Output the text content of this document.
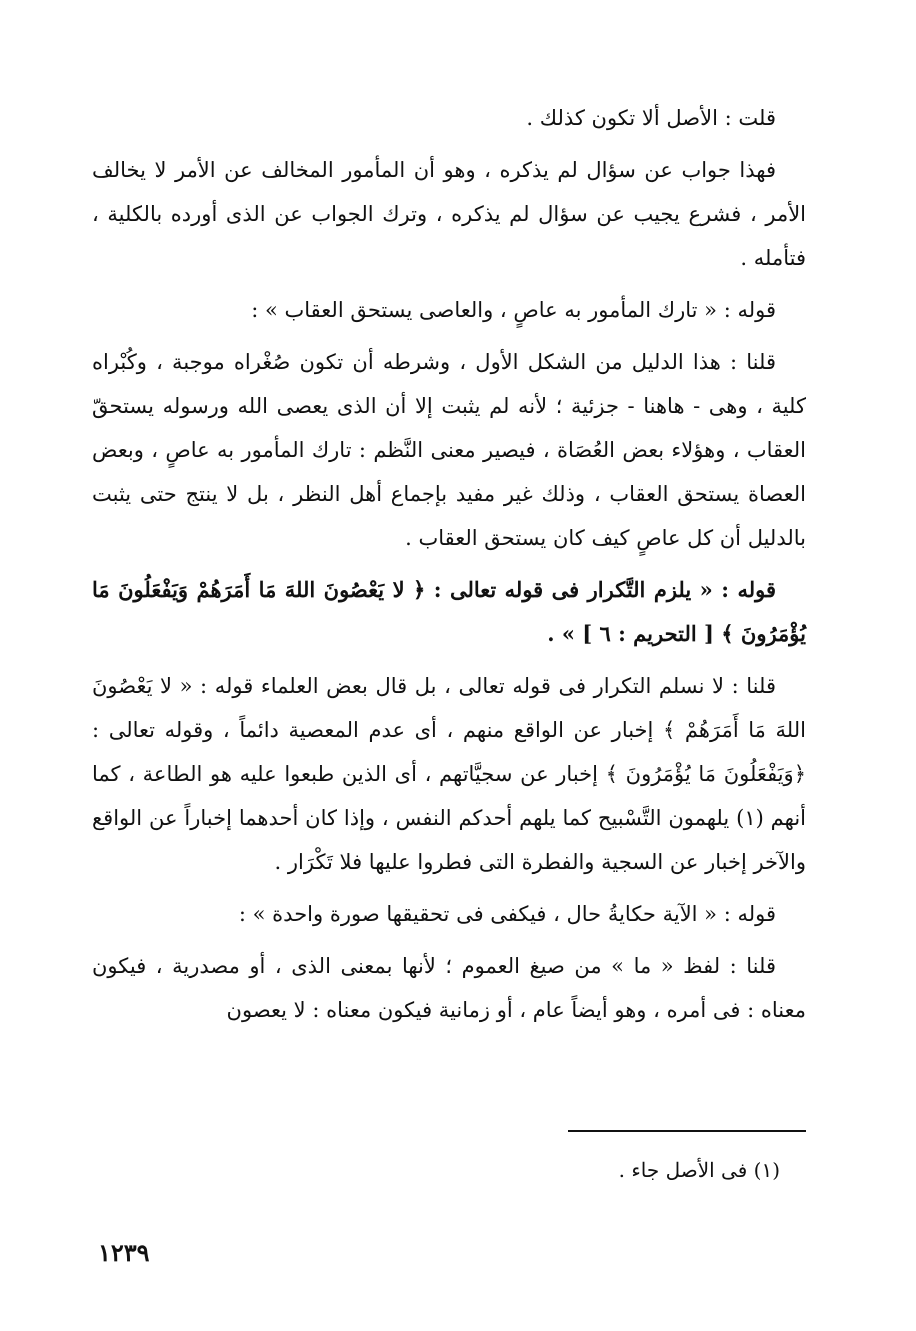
قلت : الأصل ألا تكون كذلك .

فهذا جواب عن سؤال لم يذكره ، وهو أن المأمور المخالف عن الأمر لا يخالف الأمر ، فشرع يجيب عن سؤال لم يذكره ، وترك الجواب عن الذى أورده بالكلية ، فتأمله .

قوله : « تارك المأمور به عاصٍ ، والعاصى يستحق العقاب » :

قلنا : هذا الدليل من الشكل الأول ، وشرطه أن تكون صُغْراه موجبة ، وكُبْراه كلية ، وهى - هاهنا - جزئية ؛ لأنه لم يثبت إلا أن الذى يعصى الله ورسوله يستحقّ العقاب ، وهؤلاء بعض العُصَاة ، فيصير معنى النَّظم : تارك المأمور به عاصٍ ، وبعض العصاة يستحق العقاب ، وذلك غير مفيد بإجماع أهل النظر ، بل لا ينتج حتى يثبت بالدليل أن كل عاصٍ كيف كان يستحق العقاب .

قوله : « يلزم التَّكرار فى قوله تعالى : ﴿ لا يَعْصُونَ اللهَ مَا أَمَرَهُمْ وَيَفْعَلُونَ مَا يُؤْمَرُونَ ﴾ [ التحريم : ٦ ] » .

قلنا : لا نسلم التكرار فى قوله تعالى ، بل قال بعض العلماء قوله : « لا يَعْصُونَ اللهَ مَا أَمَرَهُمْ ﴾ إخبار عن الواقع منهم ، أى عدم المعصية دائماً ، وقوله تعالى : ﴿وَيَفْعَلُونَ مَا يُؤْمَرُونَ ﴾ إخبار عن سجيَّاتهم ، أى الذين طبعوا عليه هو الطاعة ، كما أنهم (١) يلهمون التَّسْبيح كما يلهم أحدكم النفس ، وإذا كان أحدهما إخباراً عن الواقع والآخر إخبار عن السجية والفطرة التى فطروا عليها فلا تَكْرَار .

قوله : « الآية حكايةُ حال ، فيكفى فى تحقيقها صورة واحدة » :

قلنا : لفظ « ما » من صيغ العموم ؛ لأنها بمعنى الذى ، أو مصدرية ، فيكون معناه : فى أمره ، وهو أيضاً عام ، أو زمانية فيكون معناه : لا يعصون

(١) فى الأصل جاء .
١٢٣٩
